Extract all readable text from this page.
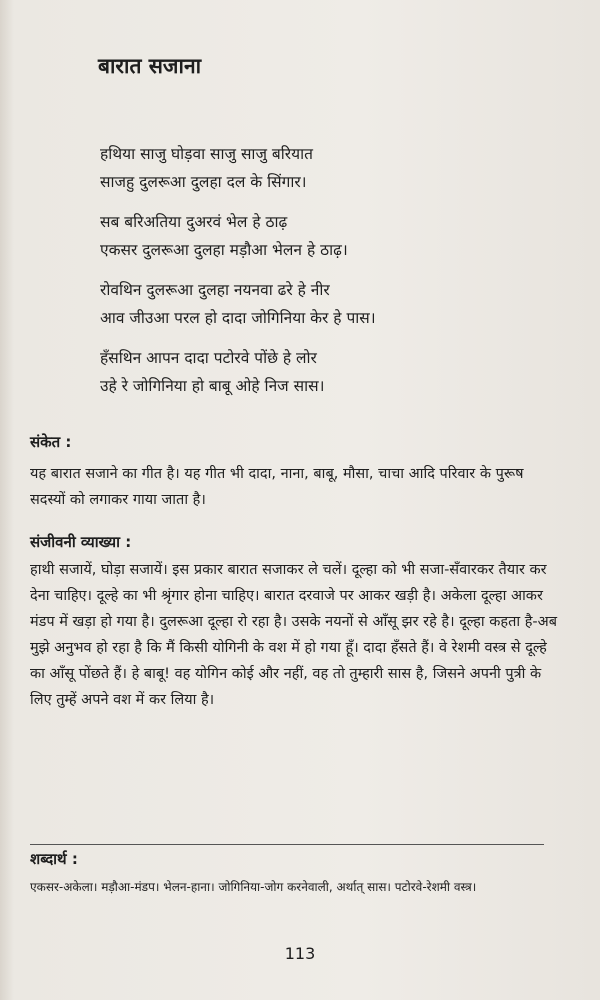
बारात सजाना
हथिया साजु घोड़वा साजु साजु बरियात
साजहु दुलरूआ दुलहा दल के सिंगार।
सब बरिअतिया दुअरवं भेल हे ठाढ़
एकसर दुलरूआ दुलहा मड़ौआ भेलन हे ठाढ़।
रोवथिन दुलरूआ दुलहा नयनवा ढरे हे नीर
आव जीउआ परल हो दादा जोगिनिया केर हे पास।
हँसथिन आपन दादा पटोरवे पोंछे हे लोर
उहे रे जोगिनिया हो बाबू ओहे निज सास।
संकेत :

यह बारात सजाने का गीत है। यह गीत भी दादा, नाना, बाबू, मौसा, चाचा आदि परिवार के पुरूष सदस्यों को लगाकर गाया जाता है।

संजीवनी व्याख्या :

हाथी सजायें, घोड़ा सजायें। इस प्रकार बारात सजाकर ले चलें। दूल्हा को भी सजा-सँवारकर तैयार कर देना चाहिए। दूल्हे का भी श्रृंगार होना चाहिए। बारात दरवाजे पर आकर खड़ी है। अकेला दूल्हा आकर मंडप में खड़ा हो गया है। दुलरूआ दूल्हा रो रहा है। उसके नयनों से आँसू झर रहे है। दूल्हा कहता है-अब मुझे अनुभव हो रहा है कि मैं किसी योगिनी के वश में हो गया हूँ। दादा हँसते हैं। वे रेशमी वस्त्र से दूल्हे का आँसू पोंछते हैं। हे बाबू! वह योगिन कोई और नहीं, वह तो तुम्हारी सास है, जिसने अपनी पुत्री के लिए तुम्हें अपने वश में कर लिया है।

शब्दार्थ :

एकसर-अकेला। मड़ौआ-मंडप। भेलन-हाना। जोगिनिया-जोग करनेवाली, अर्थात् सास। पटोरवे-रेशमी वस्त्र।

113
